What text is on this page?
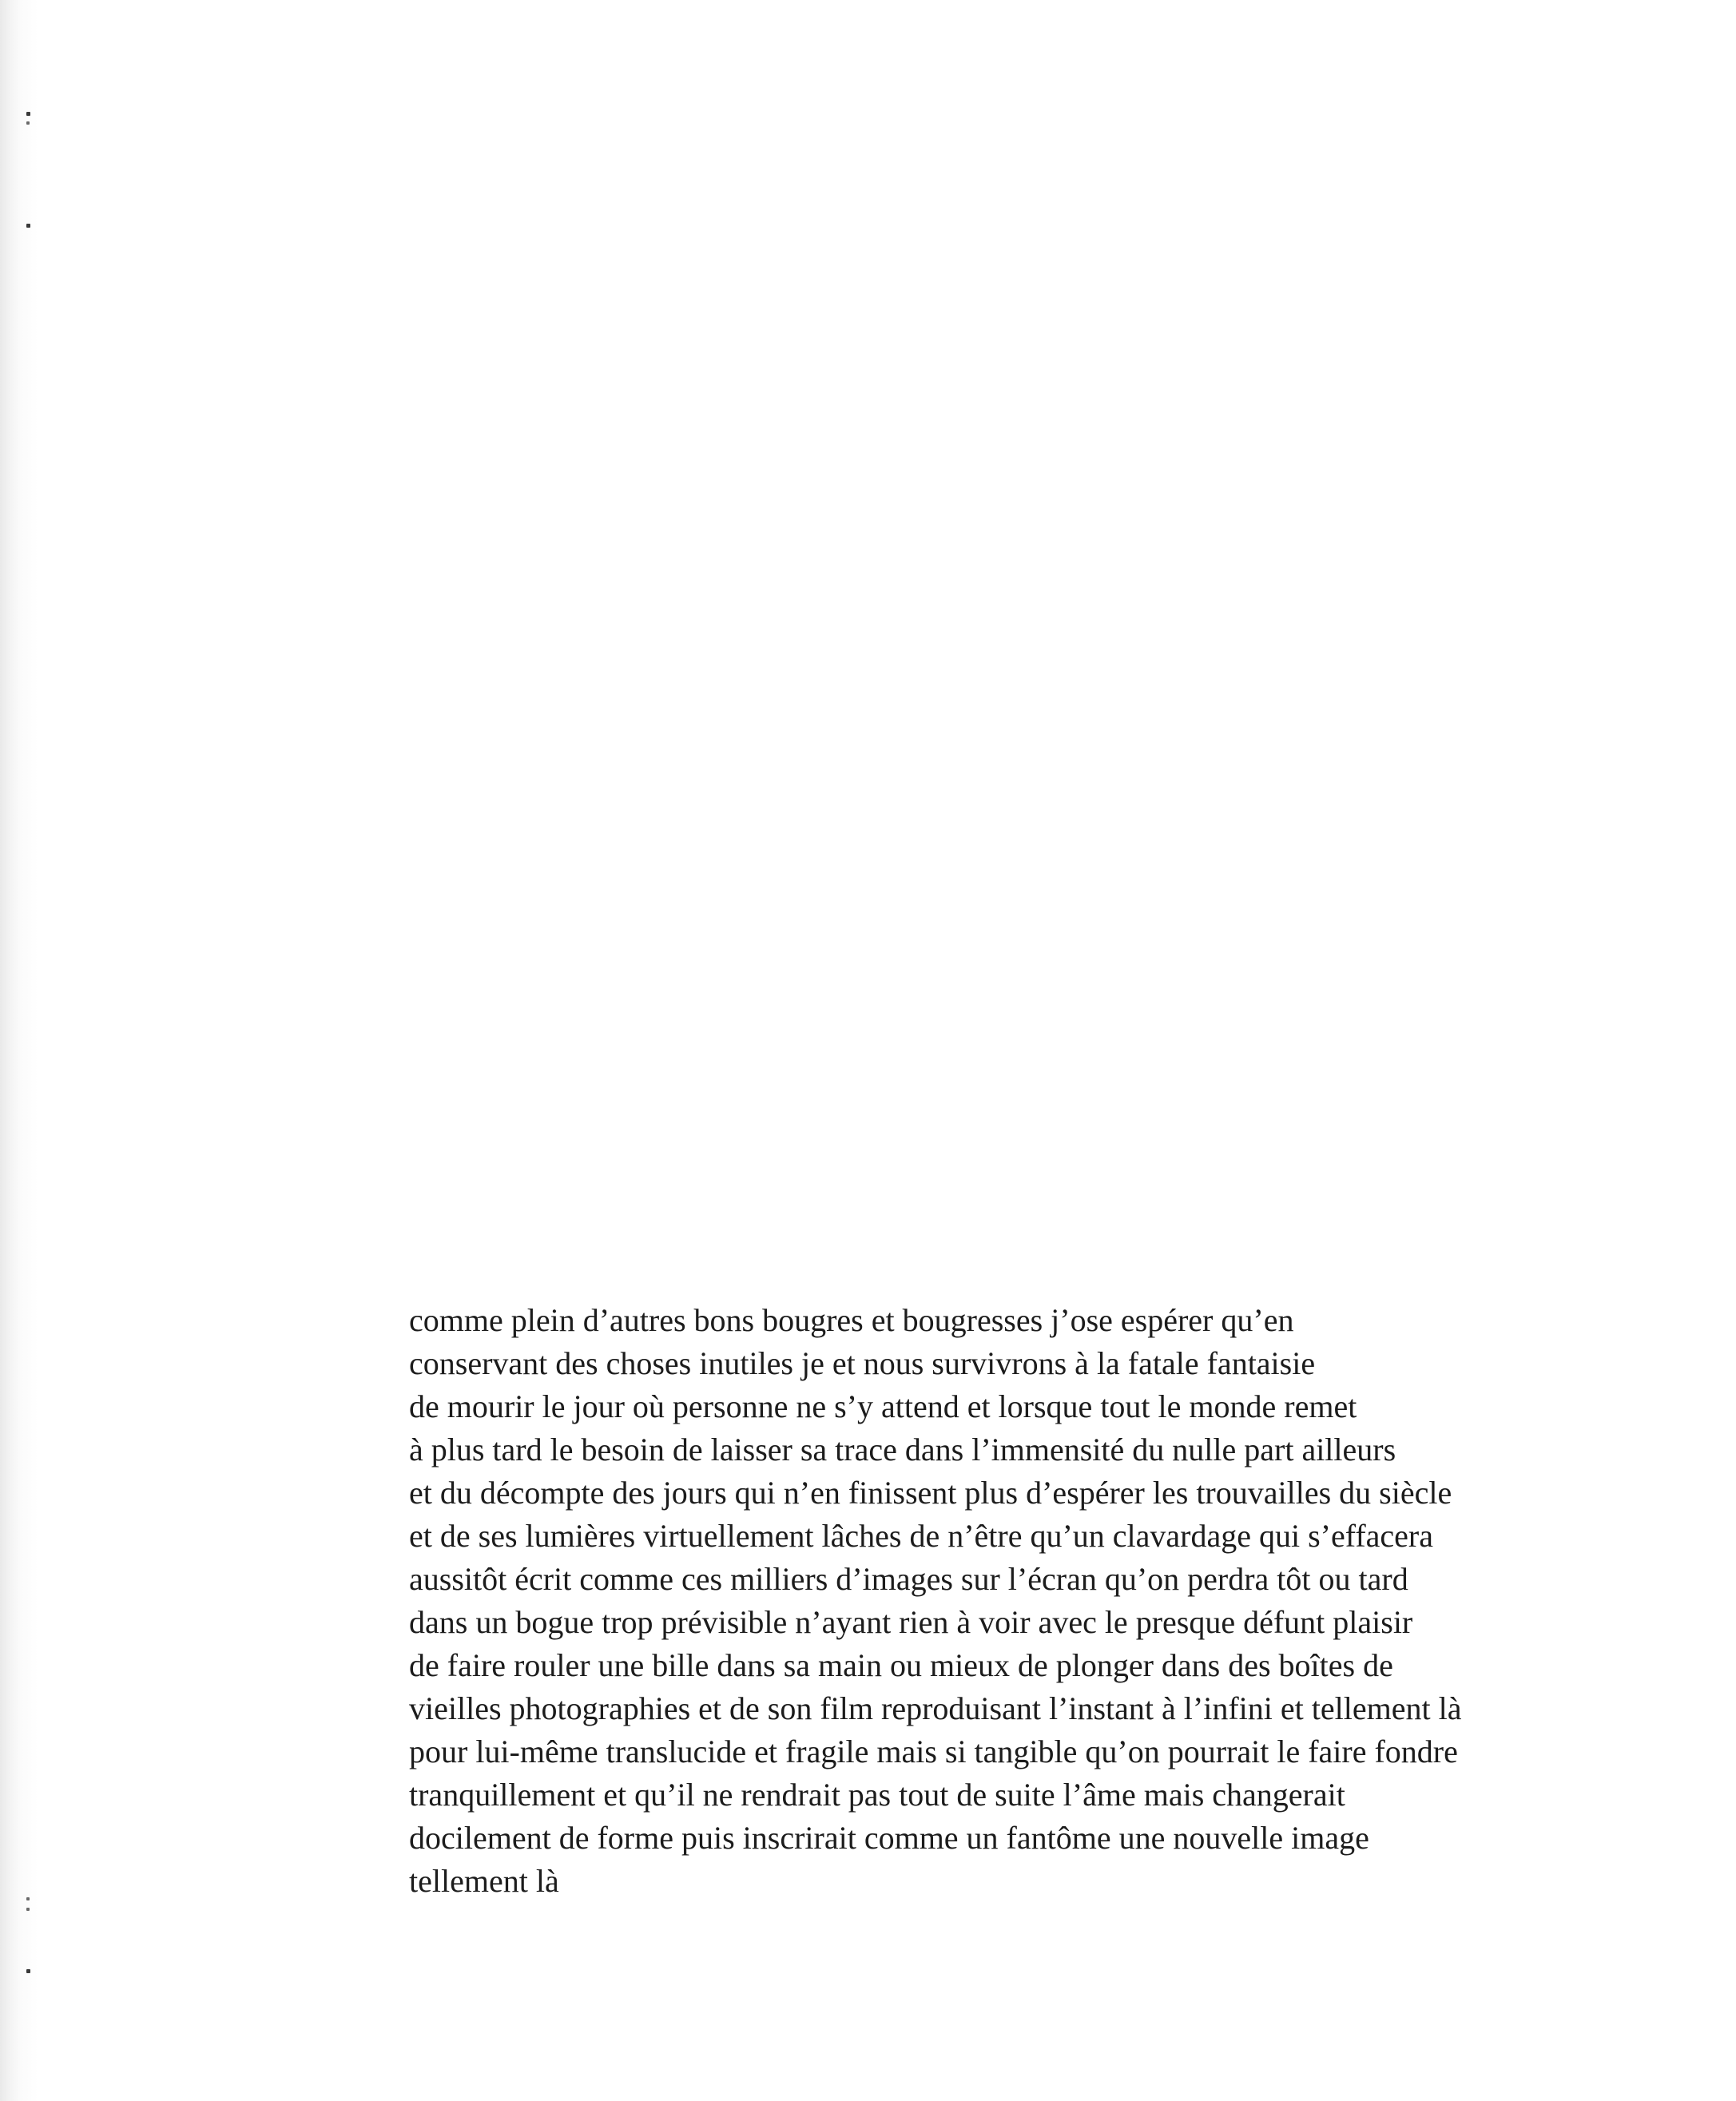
comme plein d’autres bons bougres et bougresses j’ose espérer qu’en
conservant des choses inutiles je et nous survivrons à la fatale fantaisie
de mourir le jour où personne ne s’y attend et lorsque tout le monde remet
à plus tard le besoin de laisser sa trace dans l’immensité du nulle part ailleurs
et du décompte des jours qui n’en finissent plus d’espérer les trouvailles du siècle
et de ses lumières virtuellement lâches de n’être qu’un clavardage qui s’effacera
aussitôt écrit comme ces milliers d’images sur l’écran qu’on perdra tôt ou tard
dans un bogue trop prévisible n’ayant rien à voir avec le presque défunt plaisir
de faire rouler une bille dans sa main ou mieux de plonger dans des boîtes de
vieilles photographies et de son film reproduisant l’instant à l’infini et tellement là
pour lui-même translucide et fragile mais si tangible qu’on pourrait le faire fondre
tranquillement et qu’il ne rendrait pas tout de suite l’âme mais changerait
docilement de forme puis inscrirait comme un fantôme une nouvelle image
tellement là
